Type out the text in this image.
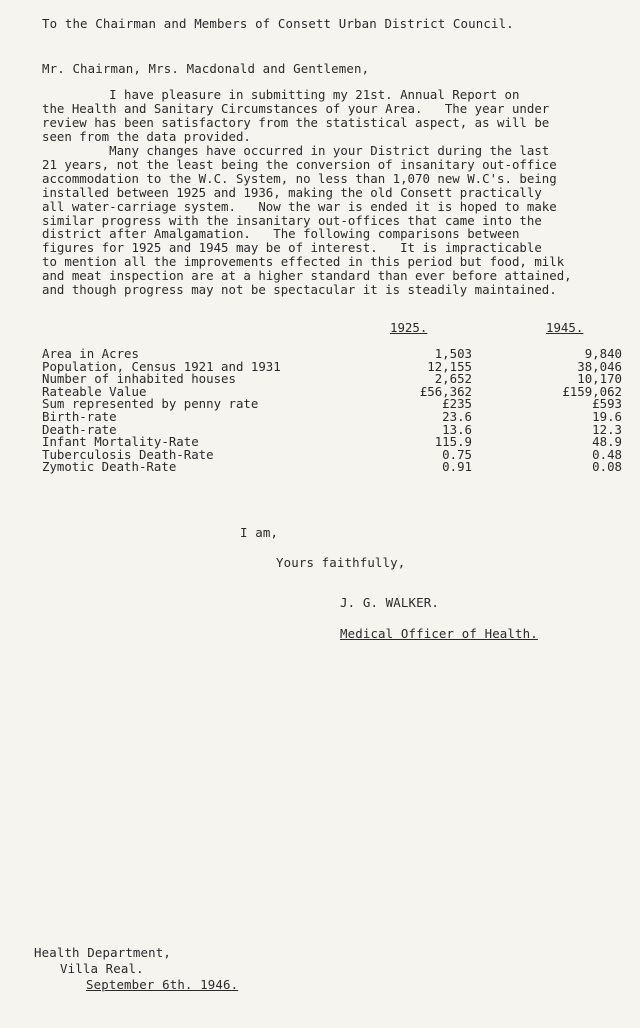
To the Chairman and Members of Consett Urban District Council.
Mr. Chairman, Mrs. Macdonald and Gentlemen,
I have pleasure in submitting my 21st. Annual Report on
the Health and Sanitary Circumstances of your Area.   The year under
review has been satisfactory from the statistical aspect, as will be
seen from the data provided.
Many changes have occurred in your District during the last
21 years, not the least being the conversion of insanitary out-office
accommodation to the W.C. System, no less than 1,070 new W.C's. being
installed between 1925 and 1936, making the old Consett practically
all water-carriage system.   Now the war is ended it is hoped to make
similar progress with the insanitary out-offices that came into the
district after Amalgamation.   The following comparisons between
figures for 1925 and 1945 may be of interest.   It is impracticable
to mention all the improvements effected in this period but food, milk
and meat inspection are at a higher standard than ever before attained,
and though progress may not be spectacular it is steadily maintained.
1925.	1945.
Area in Acres	1,503	9,840
Population, Census 1921 and 1931	12,155	38,046
Number of inhabited houses	2,652	10,170
Rateable Value	£56,362	£159,062
Sum represented by penny rate	£235	£593
Birth-rate	23.6	19.6
Death-rate	13.6	12.3
Infant Mortality-Rate	115.9	48.9
Tuberculosis Death-Rate	0.75	0.48
Zymotic Death-Rate	0.91	0.08
I am,
Yours faithfully,
J. G. WALKER.
Medical Officer of Health.
Health Department,
Villa Real.
September 6th. 1946.
